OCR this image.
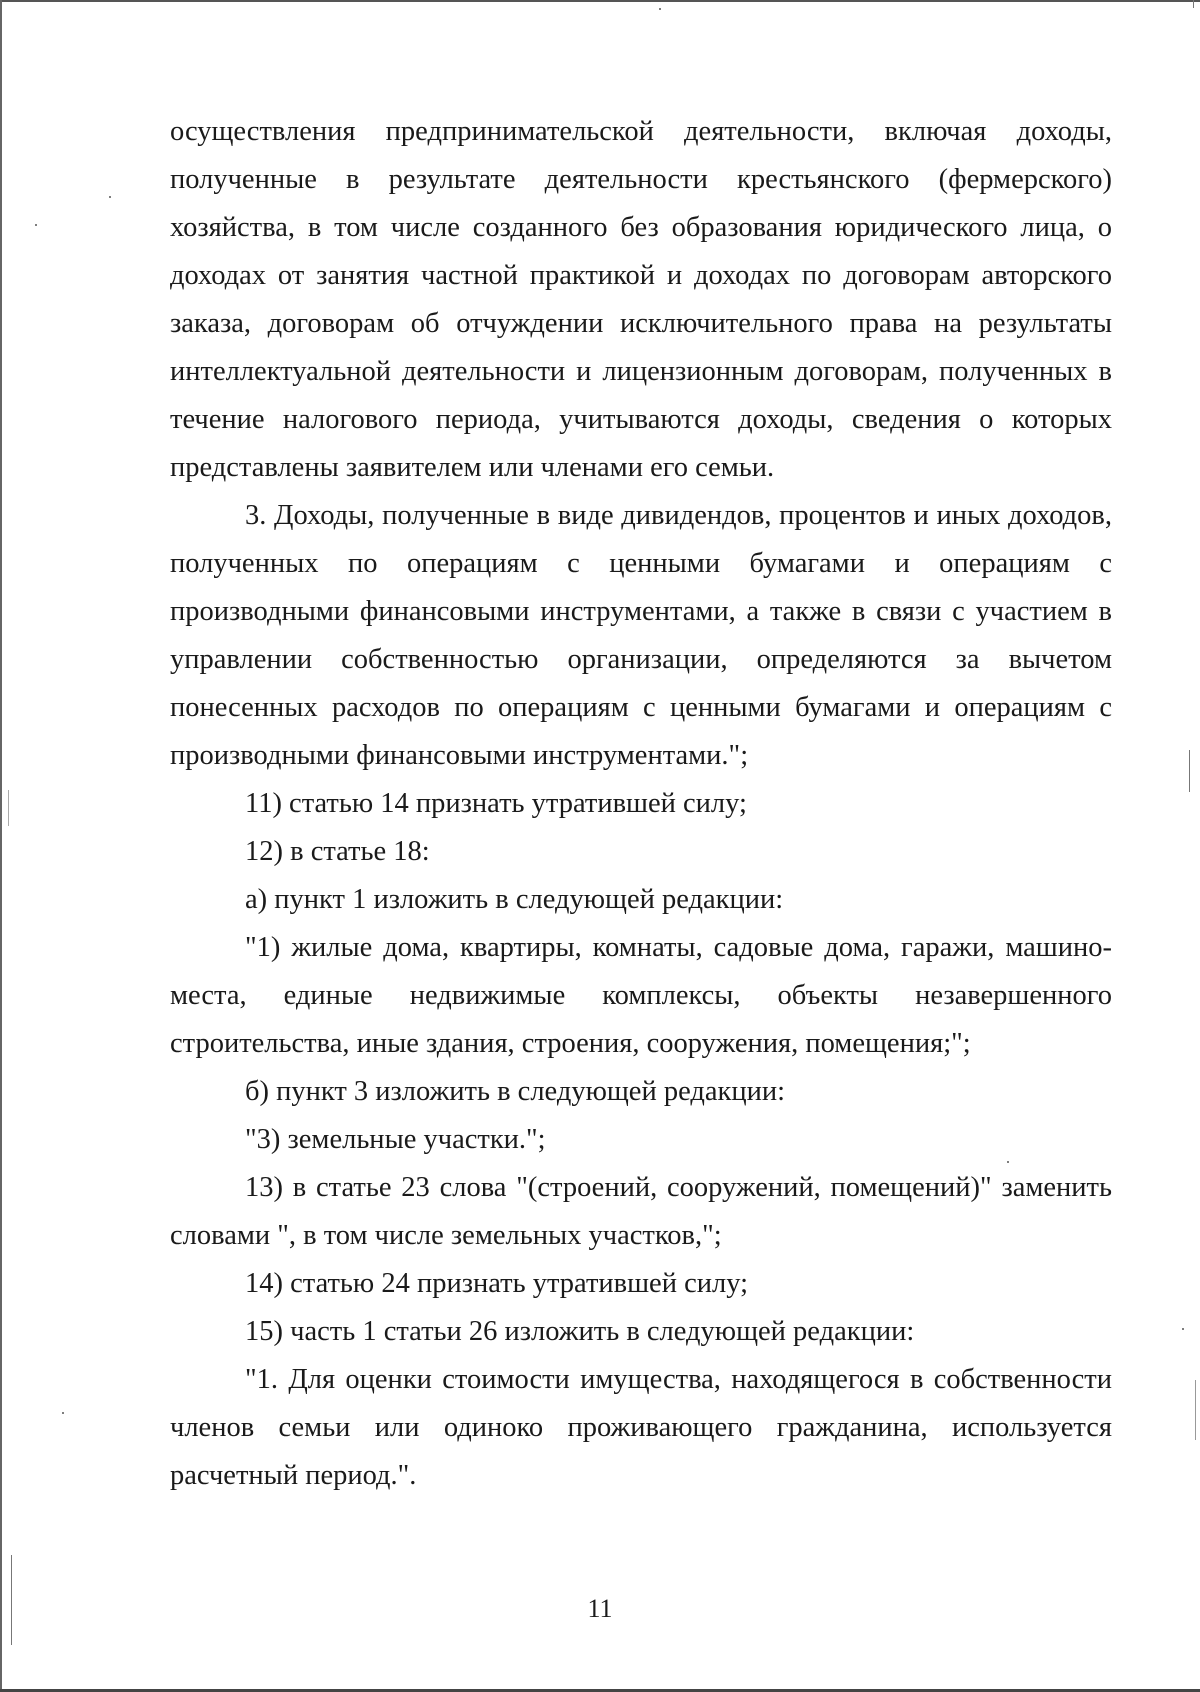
осуществления предпринимательской деятельности, включая доходы, полученные в результате деятельности крестьянского (фермерского) хозяйства, в том числе созданного без образования юридического лица, о доходах от занятия частной практикой и доходах по договорам авторского заказа, договорам об отчуждении исключительного права на результаты интеллектуальной деятельности и лицензионным договорам, полученных в течение налогового периода, учитываются доходы, сведения о которых представлены заявителем или членами его семьи.

3. Доходы, полученные в виде дивидендов, процентов и иных доходов, полученных по операциям с ценными бумагами и операциям с производными финансовыми инструментами, а также в связи с участием в управлении собственностью организации, определяются за вычетом понесенных расходов по операциям с ценными бумагами и операциям с производными финансовыми инструментами.";

11) статью 14 признать утратившей силу;

12) в статье 18:

а) пункт 1 изложить в следующей редакции:

"1) жилые дома, квартиры, комнаты, садовые дома, гаражи, машино-места, единые недвижимые комплексы, объекты незавершенного строительства, иные здания, строения, сооружения, помещения;";

б) пункт 3 изложить в следующей редакции:

"3) земельные участки.";

13) в статье 23 слова "(строений, сооружений, помещений)" заменить словами ", в том числе земельных участков,";

14) статью 24 признать утратившей силу;

15) часть 1 статьи 26 изложить в следующей редакции:

"1. Для оценки стоимости имущества, находящегося в собственности членов семьи или одиноко проживающего гражданина, используется расчетный период.".

11
